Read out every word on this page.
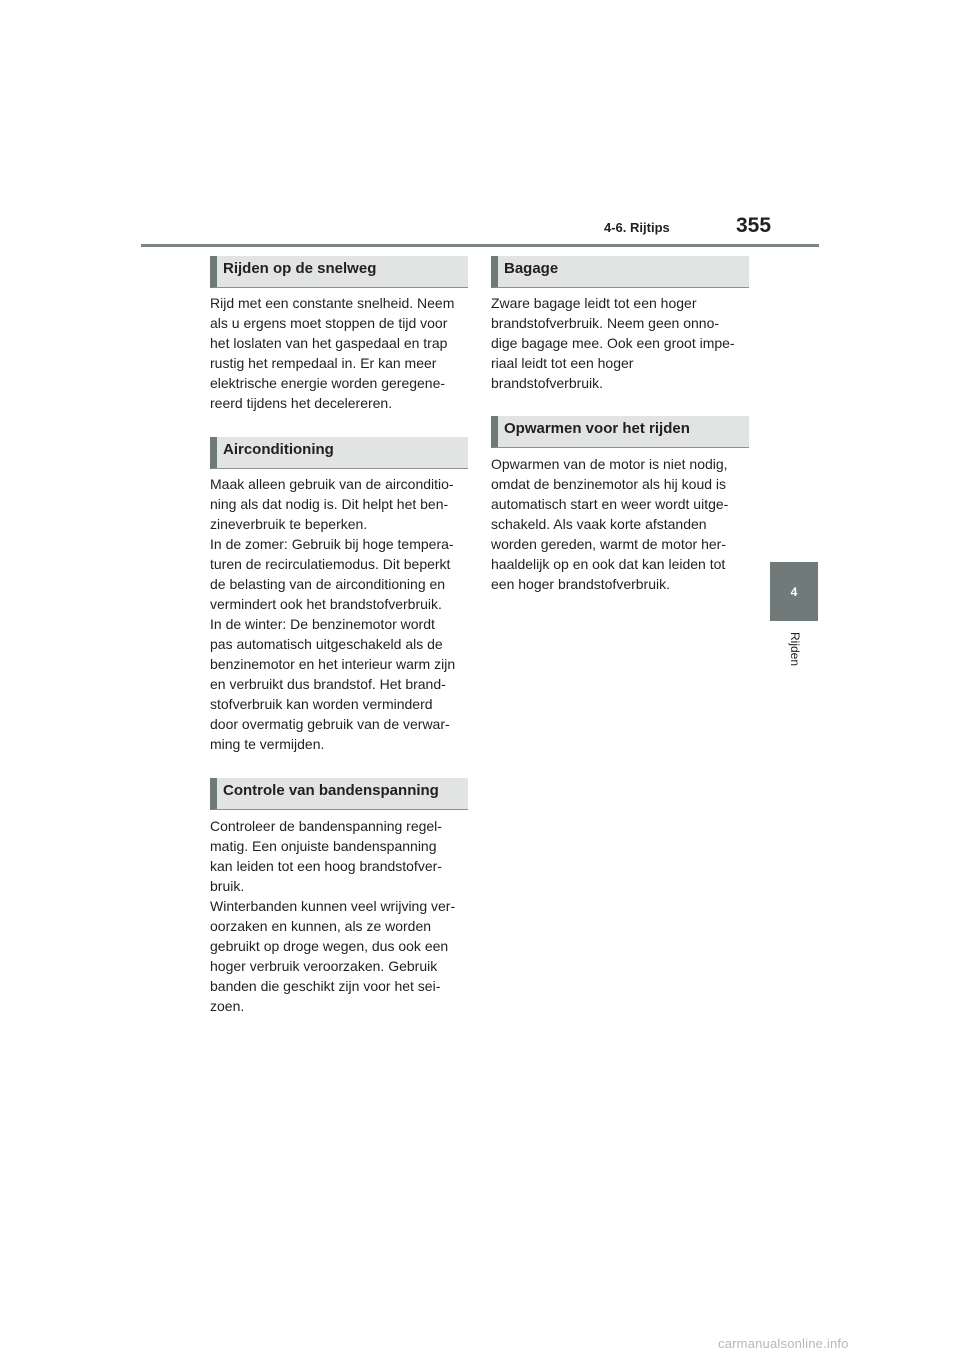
4-6. Rijtips	355
4
Rijden
Rijden op de snelweg
Rijd met een constante snelheid. Neem
als u ergens moet stoppen de tijd voor
het loslaten van het gaspedaal en trap
rustig het rempedaal in. Er kan meer
elektrische energie worden geregene-
reerd tijdens het decelereren.
Airconditioning
Maak alleen gebruik van de airconditio-
ning als dat nodig is. Dit helpt het ben-
zineverbruik te beperken.
In de zomer: Gebruik bij hoge tempera-
turen de recirculatiemodus. Dit beperkt
de belasting van de airconditioning en
vermindert ook het brandstofverbruik.
In de winter: De benzinemotor wordt
pas automatisch uitgeschakeld als de
benzinemotor en het interieur warm zijn
en verbruikt dus brandstof. Het brand-
stofverbruik kan worden verminderd
door overmatig gebruik van de verwar-
ming te vermijden.
Controle van bandenspanning
Controleer de bandenspanning regel-
matig. Een onjuiste bandenspanning
kan leiden tot een hoog brandstofver-
bruik.
Winterbanden kunnen veel wrijving ver-
oorzaken en kunnen, als ze worden
gebruikt op droge wegen, dus ook een
hoger verbruik veroorzaken. Gebruik
banden die geschikt zijn voor het sei-
zoen.
Bagage
Zware bagage leidt tot een hoger
brandstofverbruik. Neem geen onno-
dige bagage mee. Ook een groot impe-
riaal leidt tot een hoger
brandstofverbruik.
Opwarmen voor het rijden
Opwarmen van de motor is niet nodig,
omdat de benzinemotor als hij koud is
automatisch start en weer wordt uitge-
schakeld. Als vaak korte afstanden
worden gereden, warmt de motor her-
haaldelijk op en ook dat kan leiden tot
een hoger brandstofverbruik.
carmanualsonline.info
